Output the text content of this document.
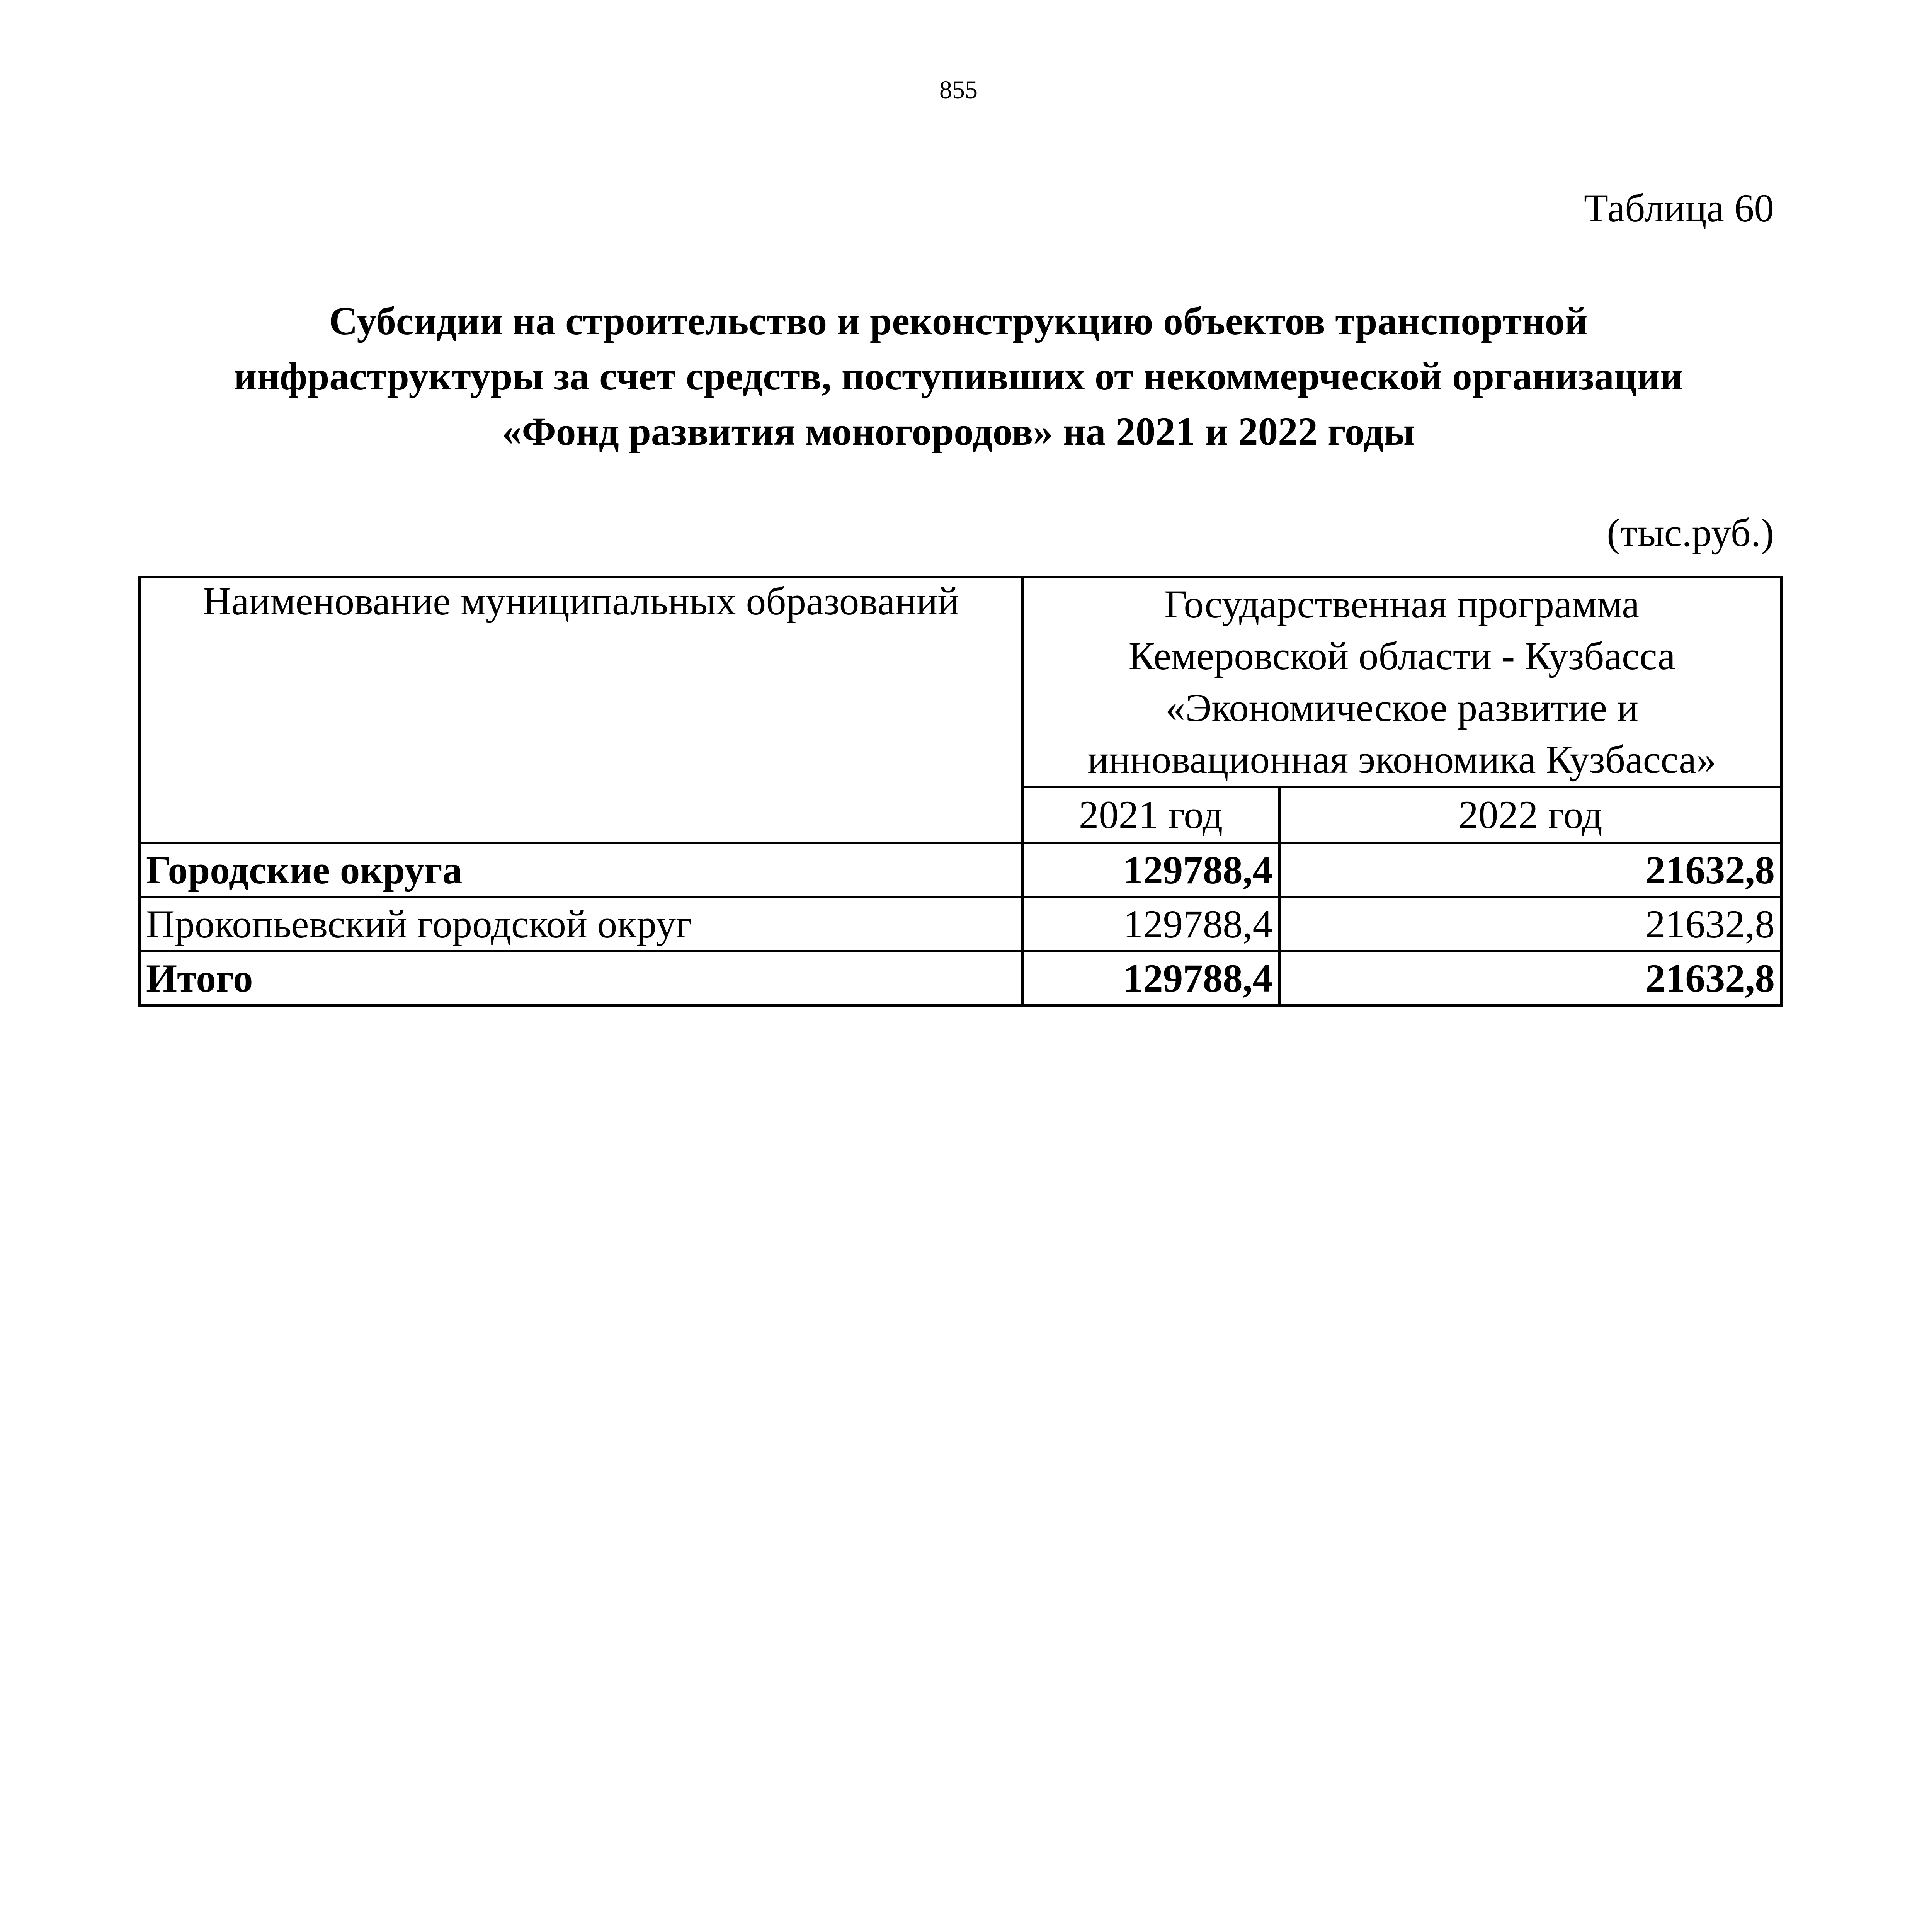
855
Таблица 60
Субсидии на строительство и реконструкцию объектов транспортной
инфраструктуры за счет средств, поступивших от некоммерческой организации
«Фонд развития моногородов» на 2021 и 2022 годы
(тыс.руб.)
Наименование муниципальных образований	Государственная программа
Кемеровской области - Кузбасса
«Экономическое развитие и
инновационная экономика Кузбасса»	

	2021 год	2022 год
Городские округа	129788,4	21632,8
Прокопьевский городской округ	129788,4	21632,8
Итого	129788,4	21632,8
